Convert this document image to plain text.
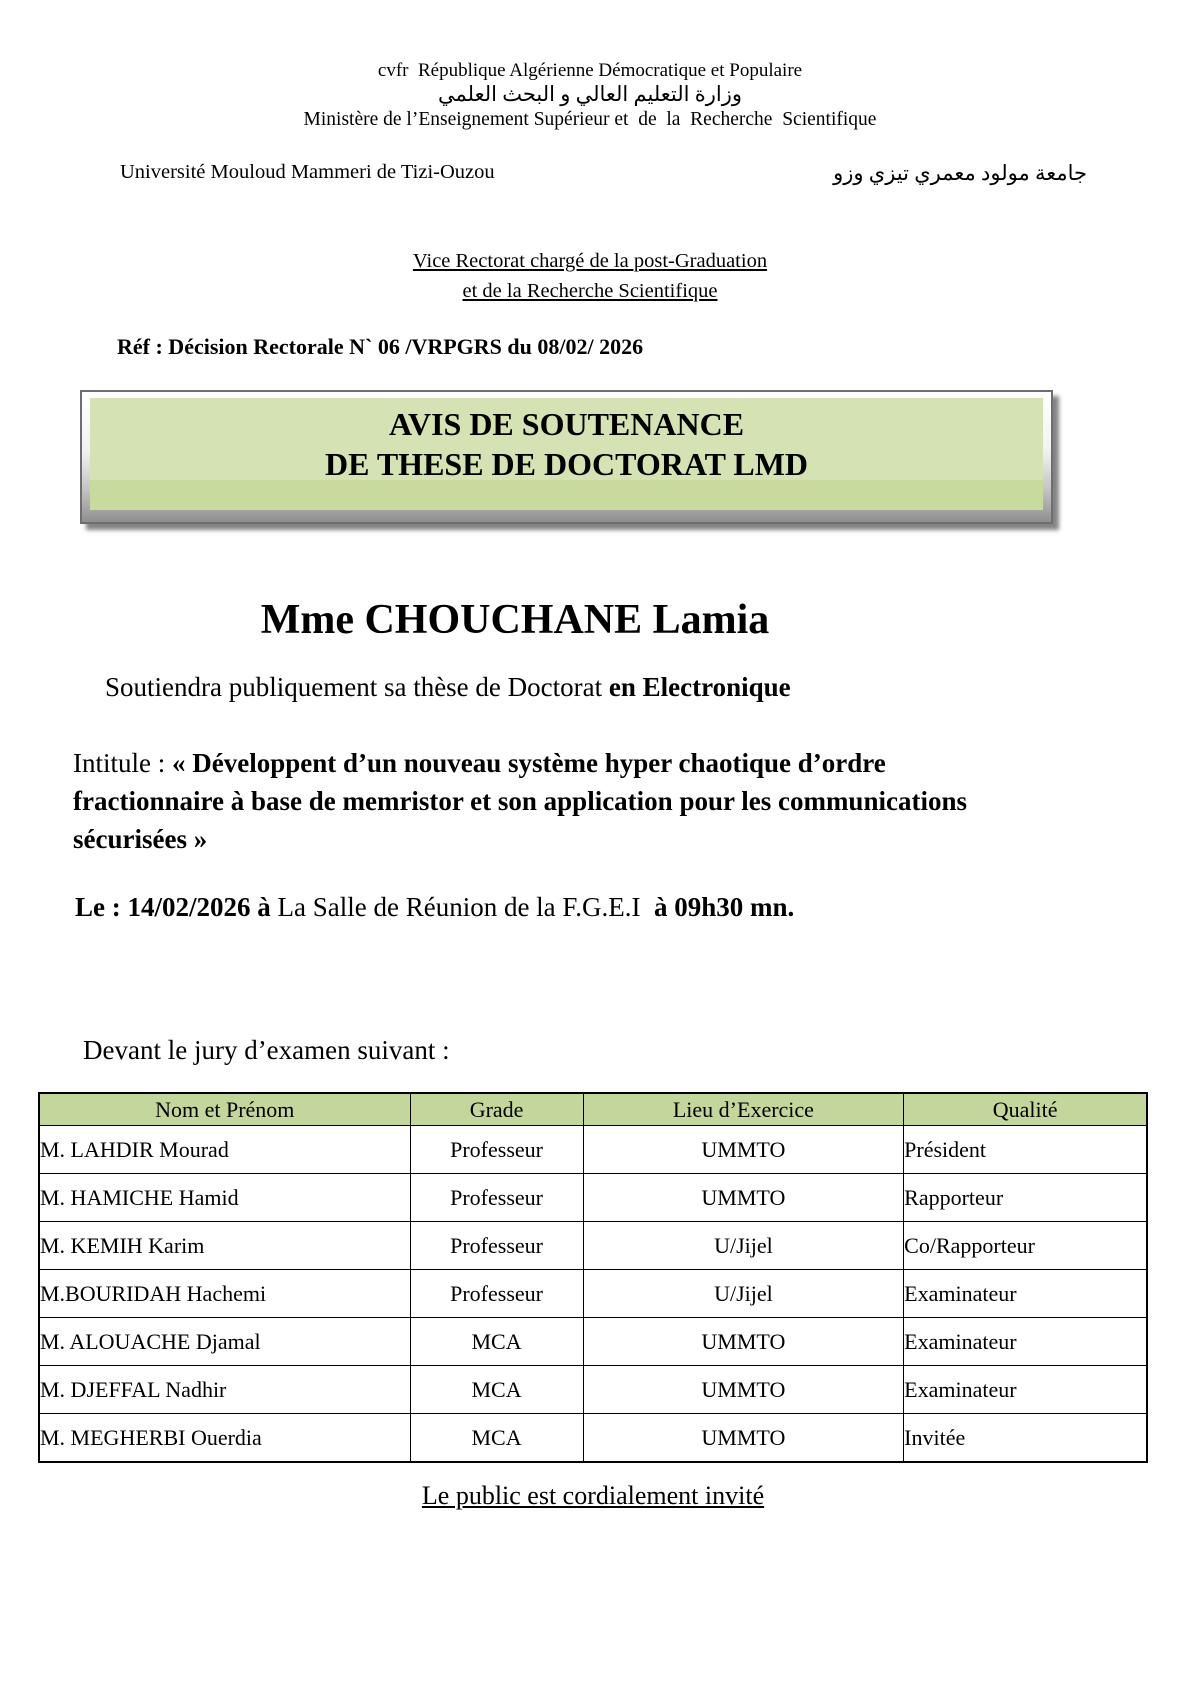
cvfr  République Algérienne Démocratique et Populaire
وزارة التعليم العالي و البحث العلمي
Ministère de l’Enseignement Supérieur et  de  la  Recherche  Scientifique
Université Mouloud Mammeri de Tizi-Ouzou	جامعة مولود معمري تيزي وزو
Vice Rectorat chargé de la post-Graduation
et de la Recherche Scientifique
Réf : Décision Rectorale N` 06 /VRPGRS du 08/02/ 2026
AVIS DE SOUTENANCE
DE THESE DE DOCTORAT LMD
Mme CHOUCHANE Lamia
Soutiendra publiquement sa thèse de Doctorat en Electronique
Intitule : « Développent d’un nouveau système hyper chaotique d’ordre fractionnaire à base de memristor et son application pour les communications sécurisées »
Le : 14/02/2026 à La Salle de Réunion de la F.G.E.I  à 09h30 mn.
Devant le jury d’examen suivant :
Nom et Prénom	Grade	Lieu d’Exercice	Qualité
M. LAHDIR Mourad	Professeur	UMMTO	Président
M. HAMICHE Hamid	Professeur	UMMTO	Rapporteur
M. KEMIH Karim	Professeur	U/Jijel	Co/Rapporteur
M.BOURIDAH Hachemi	Professeur	U/Jijel	Examinateur
M. ALOUACHE Djamal	MCA	UMMTO	Examinateur
M. DJEFFAL Nadhir	MCA	UMMTO	Examinateur
M. MEGHERBI Ouerdia	MCA	UMMTO	Invitée
Le public est cordialement invité
